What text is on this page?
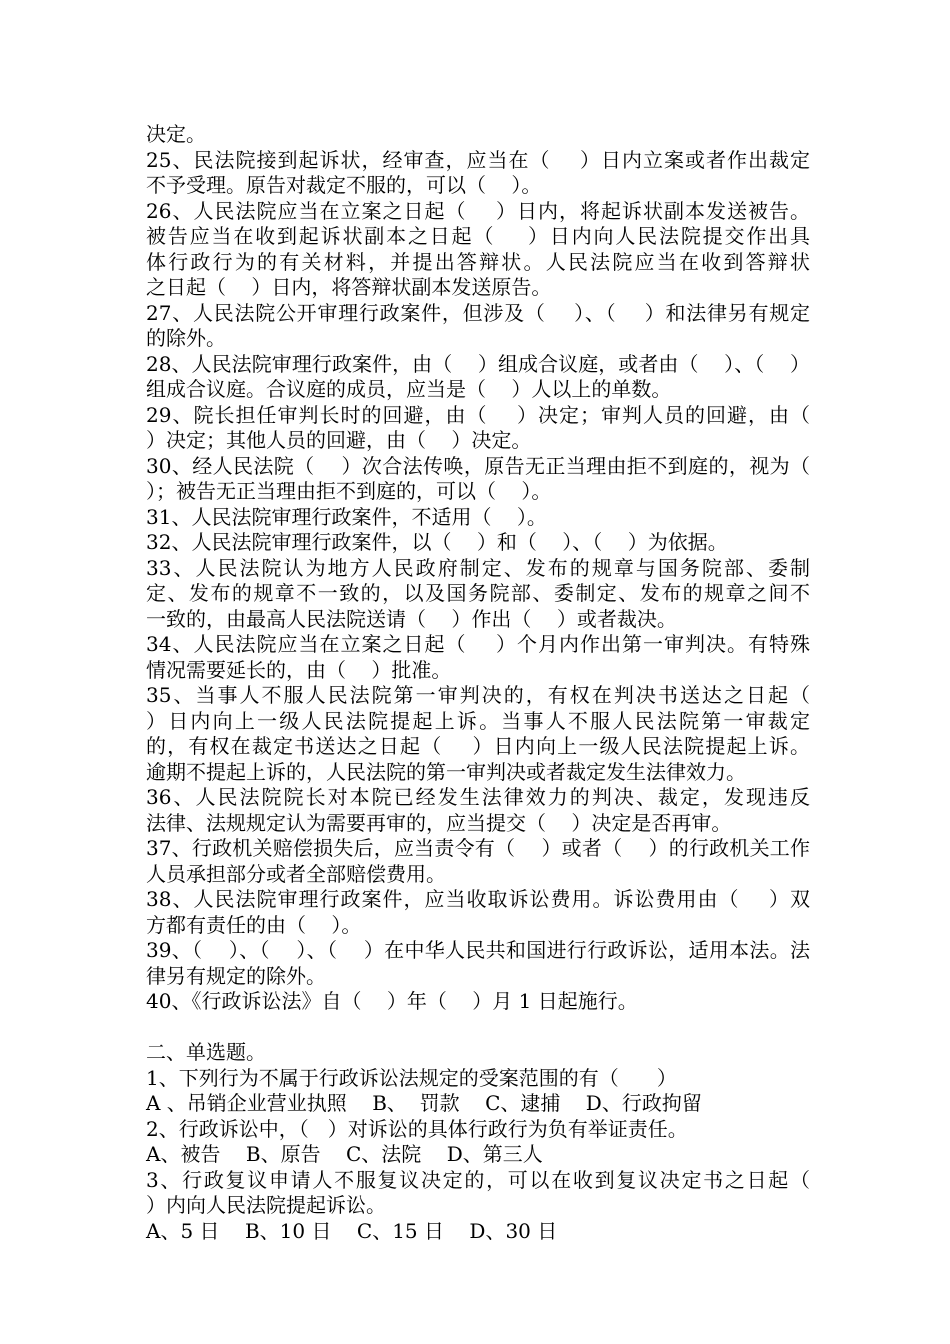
决定。
25、民法院接到起诉状，经审查，应当在（    ）日内立案或者作出裁定
不予受理。原告对裁定不服的，可以（    ）。
26、人民法院应当在立案之日起（    ）日内，将起诉状副本发送被告。
被告应当在收到起诉状副本之日起（    ）日内向人民法院提交作出具
体行政行为的有关材料，并提出答辩状。人民法院应当在收到答辩状
之日起（    ）日内，将答辩状副本发送原告。
27、人民法院公开审理行政案件，但涉及（    ）、（    ）和法律另有规定
的除外。
28、人民法院审理行政案件，由（    ）组成合议庭，或者由（    ）、（    ）
组成合议庭。合议庭的成员，应当是（    ）人以上的单数。
29、院长担任审判长时的回避，由（    ）决定；审判人员的回避，由（
）决定；其他人员的回避，由（    ）决定。
30、经人民法院（    ）次合法传唤，原告无正当理由拒不到庭的，视为（
）；被告无正当理由拒不到庭的，可以（    ）。
31、人民法院审理行政案件，不适用（    ）。
32、人民法院审理行政案件，以（    ）和（    ）、（    ）为依据。
33、人民法院认为地方人民政府制定、发布的规章与国务院部、委制
定、发布的规章不一致的，以及国务院部、委制定、发布的规章之间不
一致的，由最高人民法院送请（    ）作出（    ）或者裁决。
34、人民法院应当在立案之日起（    ）个月内作出第一审判决。有特殊
情况需要延长的，由（    ）批准。
35、当事人不服人民法院第一审判决的，有权在判决书送达之日起（
）日内向上一级人民法院提起上诉。当事人不服人民法院第一审裁定
的，有权在裁定书送达之日起（    ）日内向上一级人民法院提起上诉。
逾期不提起上诉的，人民法院的第一审判决或者裁定发生法律效力。
36、人民法院院长对本院已经发生法律效力的判决、裁定，发现违反
法律、法规规定认为需要再审的，应当提交（    ）决定是否再审。
37、行政机关赔偿损失后，应当责令有（    ）或者（    ）的行政机关工作
人员承担部分或者全部赔偿费用。
38、人民法院审理行政案件，应当收取诉讼费用。诉讼费用由（    ）双
方都有责任的由（    ）。
39、（    ）、（    ）、（    ）在中华人民共和国进行行政诉讼，适用本法。法
律另有规定的除外。
40、《行政诉讼法》自（    ）年（    ）月 1 日起施行。
二、单选题。
1、下列行为不属于行政诉讼法规定的受案范围的有（      ）
A 、吊销企业营业执照    B、  罚款    C、逮捕    D、行政拘留
2、行政诉讼中，（   ）对诉讼的具体行政行为负有举证责任。
A、被告    B、原告    C、法院    D、第三人
3、行政复议申请人不服复议决定的，可以在收到复议决定书之日起（
）内向人民法院提起诉讼。
A、5 日    B、10 日    C、15 日    D、30 日
